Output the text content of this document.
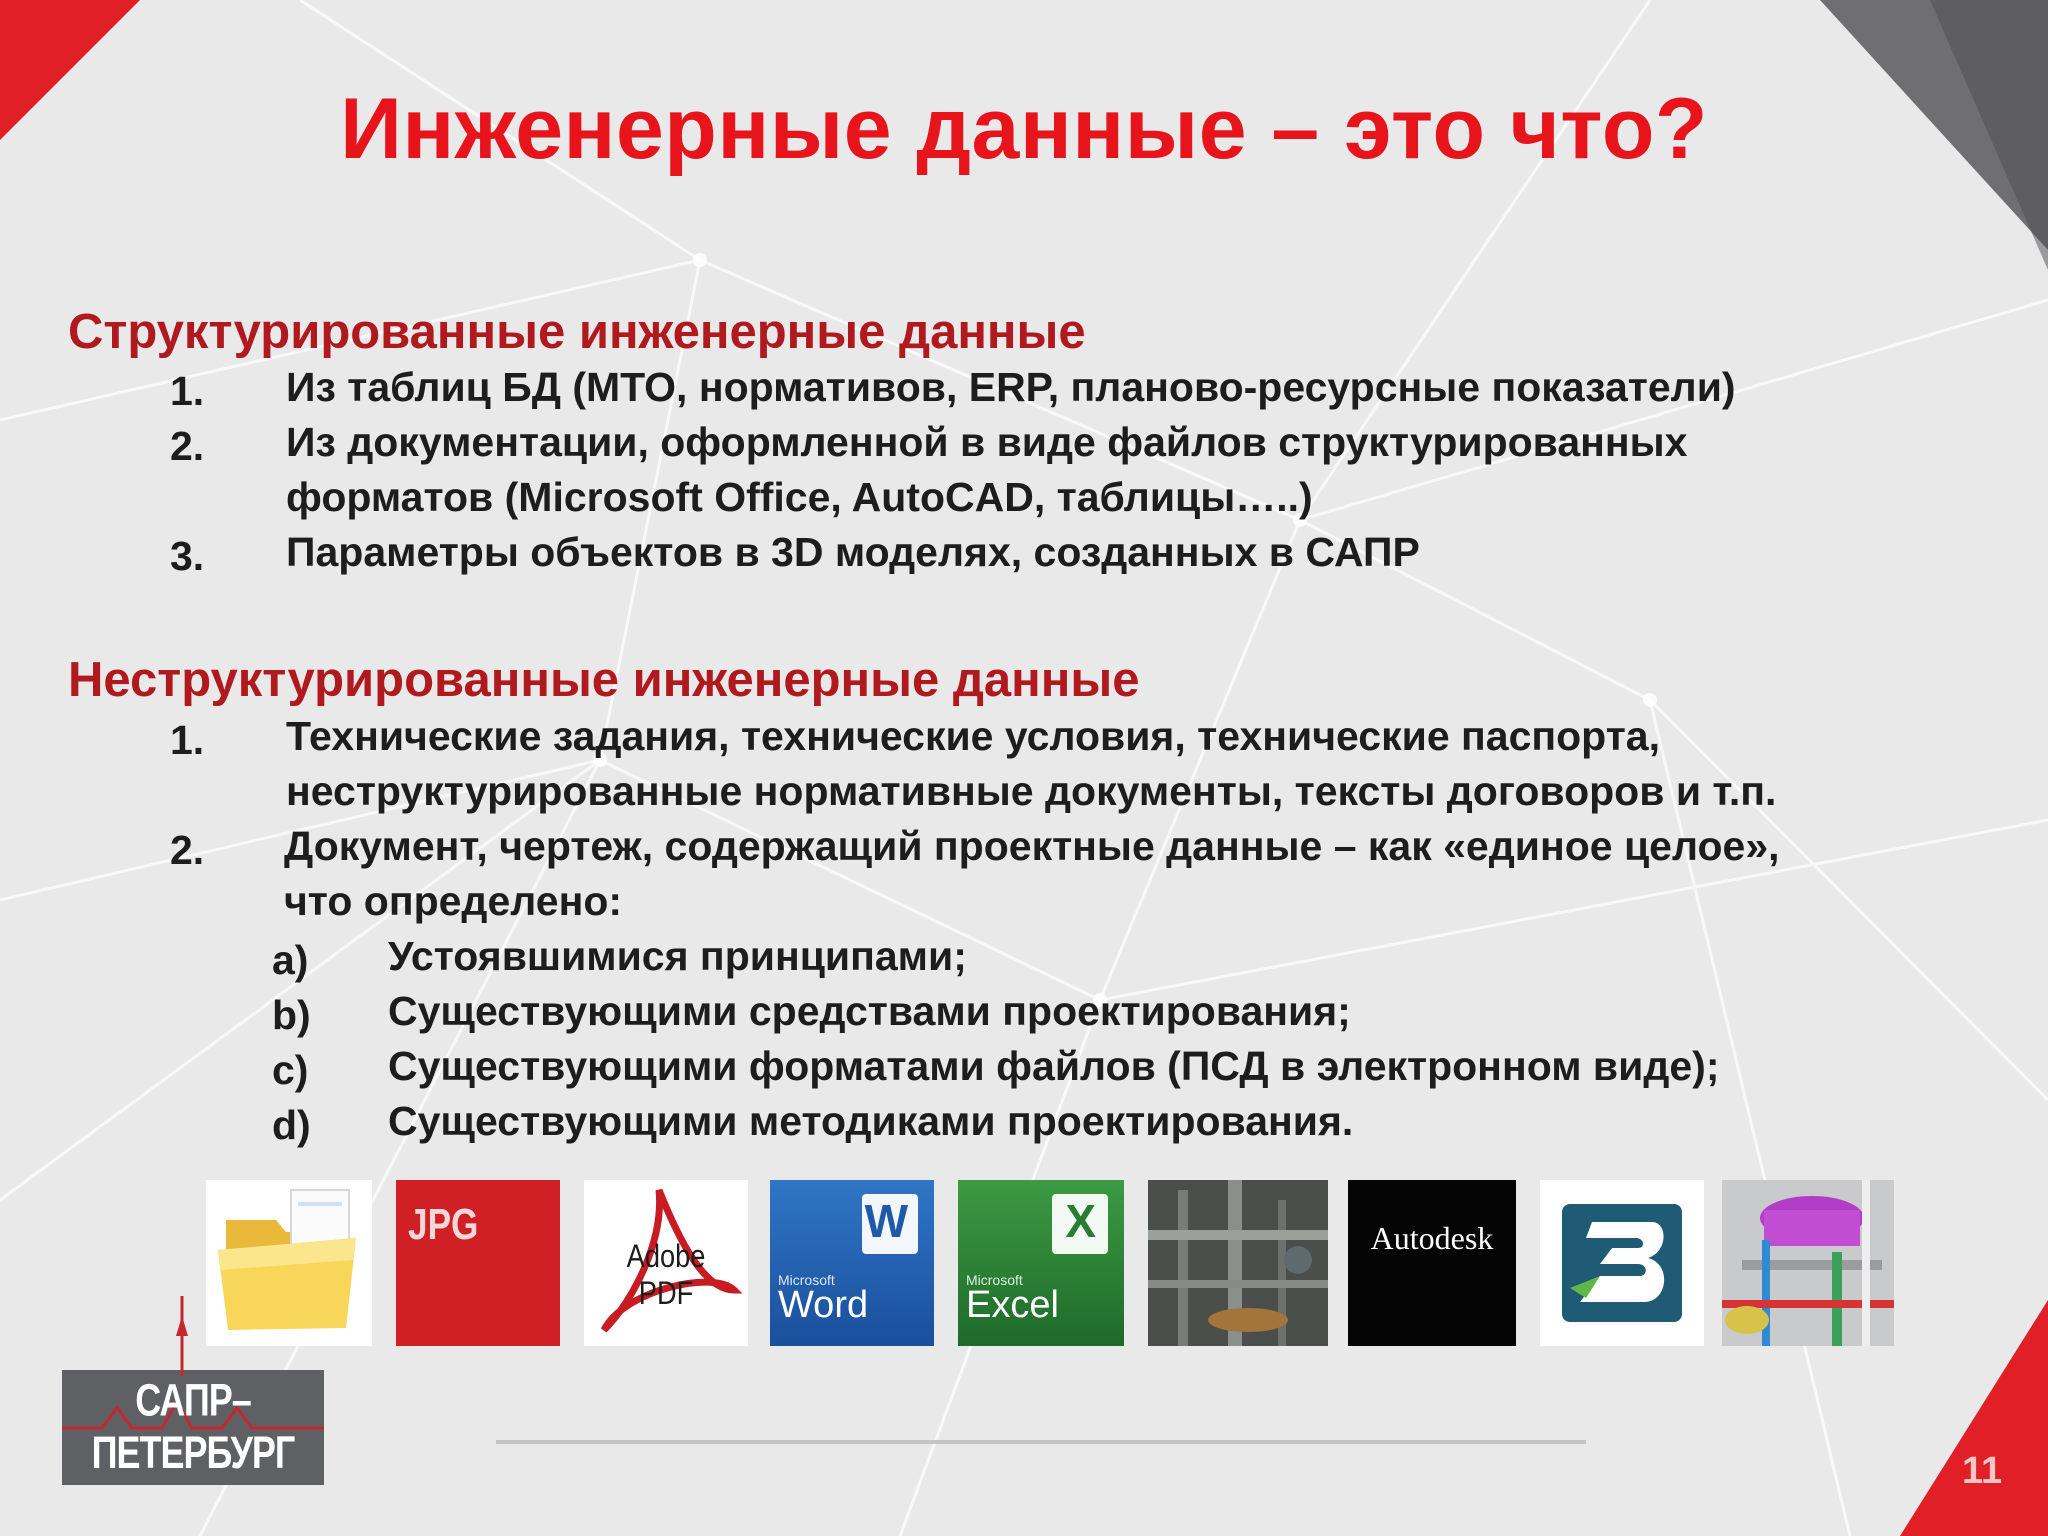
Инженерные данные – это что?
Структурированные инженерные данные
1. Из таблиц БД (МТО, нормативов, ERP, планово-ресурсные показатели)
2. Из документации, оформленной в виде файлов структурированных
форматов (Microsoft Office, AutoCAD, таблицы…..)
3. Параметры объектов в 3D моделях, созданных в САПР
Неструктурированные инженерные данные
1. Технические задания, технические условия, технические паспорта,
неструктурированные нормативные документы, тексты договоров и т.п.
2. Документ, чертеж, содержащий проектные данные – как «единое целое»,
что определено:
a) Устоявшимися принципами;
b) Существующими средствами проектирования;
c) Существующими форматами файлов (ПСД в электронном виде);
d) Существующими методиками проектирования.
JPG
Adobe PDF
W
Microsoft
Word
X
Microsoft
Excel
Autodesk
САПР–ПЕТЕРБУРГ	11
